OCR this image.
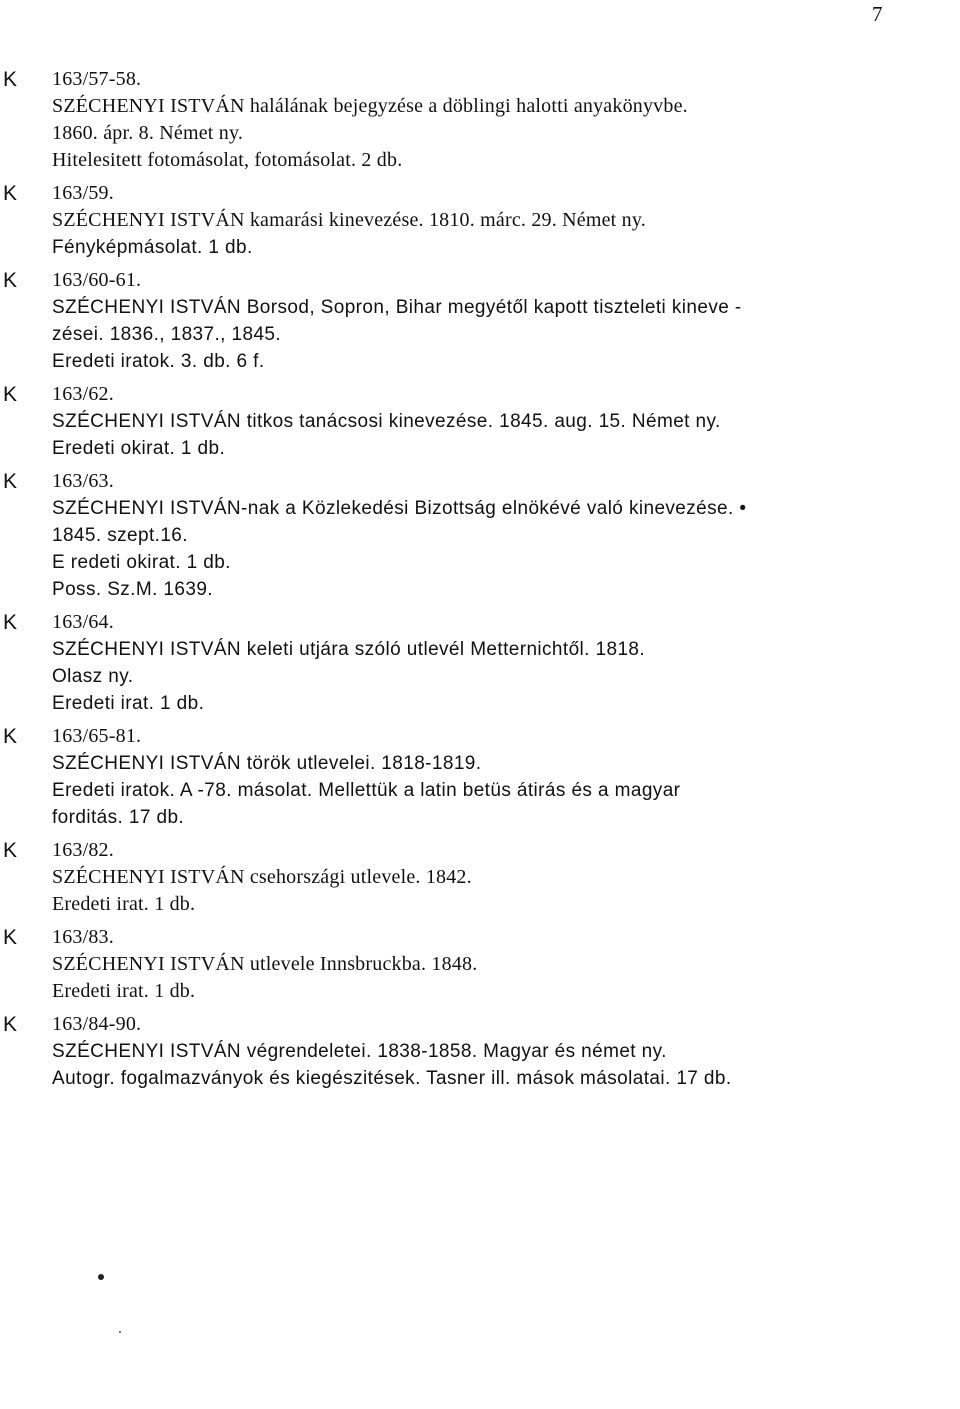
7
K 163/57-58.
SZÉCHENYI ISTVÁN halálának bejegyzése a döblingi halotti anyakönyvbe.
1860. ápr. 8. Német ny.
Hitelesitett fotomásolat, fotomásolat. 2 db.
K 163/59.
SZÉCHENYI ISTVÁN kamarási kinevezése. 1810. márc. 29. Német ny.
Fényképmásolat. 1 db.
K 163/60-61.
SZÉCHENYI ISTVÁN Borsod, Sopron, Bihar megyétől kapott tiszteleti kineve -
zései. 1836., 1837., 1845.
Eredeti iratok. 3. db. 6 f.
K 163/62.
SZÉCHENYI ISTVÁN titkos tanácsosi kinevezése. 1845. aug. 15. Német ny.
Eredeti okirat. 1 db.
K 163/63.
SZÉCHENYI ISTVÁN-nak a Közlekedési Bizottság elnökévé való kinevezése. •
1845. szept.16.
E redeti okirat. 1 db.
Poss. Sz.M. 1639.
K 163/64.
SZÉCHENYI ISTVÁN keleti utjára szóló utlevél Metternichtől. 1818.
Olasz ny.
Eredeti irat. 1 db.
K 163/65-81.
SZÉCHENYI ISTVÁN török utlevelei. 1818-1819.
Eredeti iratok. A -78. másolat. Mellettük a latin betüs átirás és a magyar
forditás. 17 db.
K 163/82.
SZÉCHENYI ISTVÁN csehországi utlevele. 1842.
Eredeti irat. 1 db.
K 163/83.
SZÉCHENYI ISTVÁN utlevele Innsbruckba. 1848.
Eredeti irat. 1 db.
K 163/84-90.
SZÉCHENYI ISTVÁN végrendeletei. 1838-1858. Magyar és német ny.
Autogr. fogalmazványok és kiegészitések. Tasner ill. mások másolatai. 17 db.
